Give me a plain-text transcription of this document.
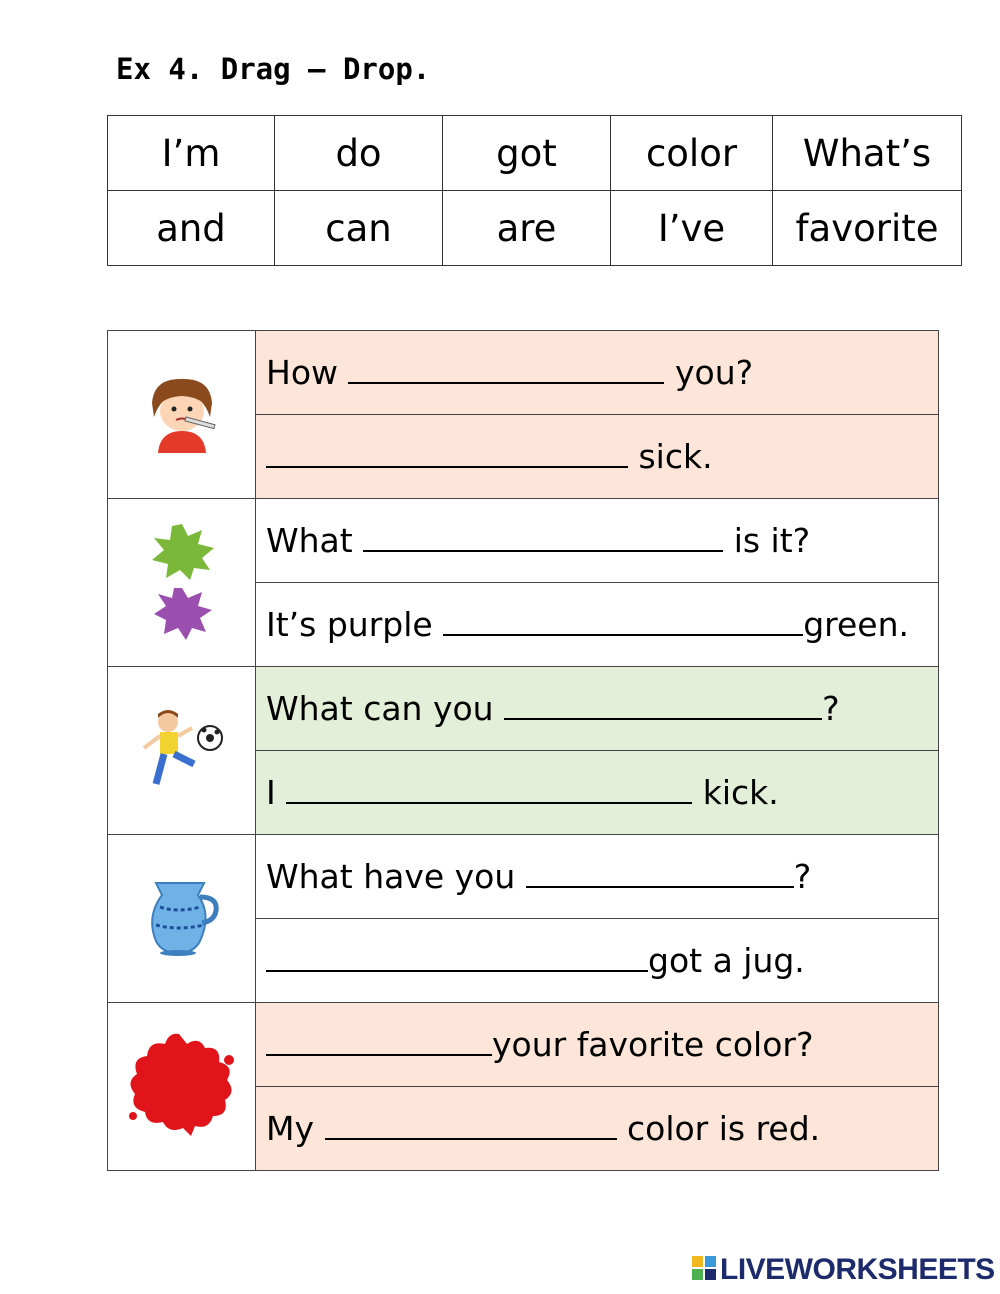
Ex 4. Drag – Drop.
I’m	do	got	color	What’s
and	can	are	I’ve	favorite
	How you?
	sick.
	What is it?
	It’s purple green.
	What can you ?
	I kick.
	What have you ?
	got a jug.
	your favorite color?
	My color is red.
LIVEWORKSHEETS
